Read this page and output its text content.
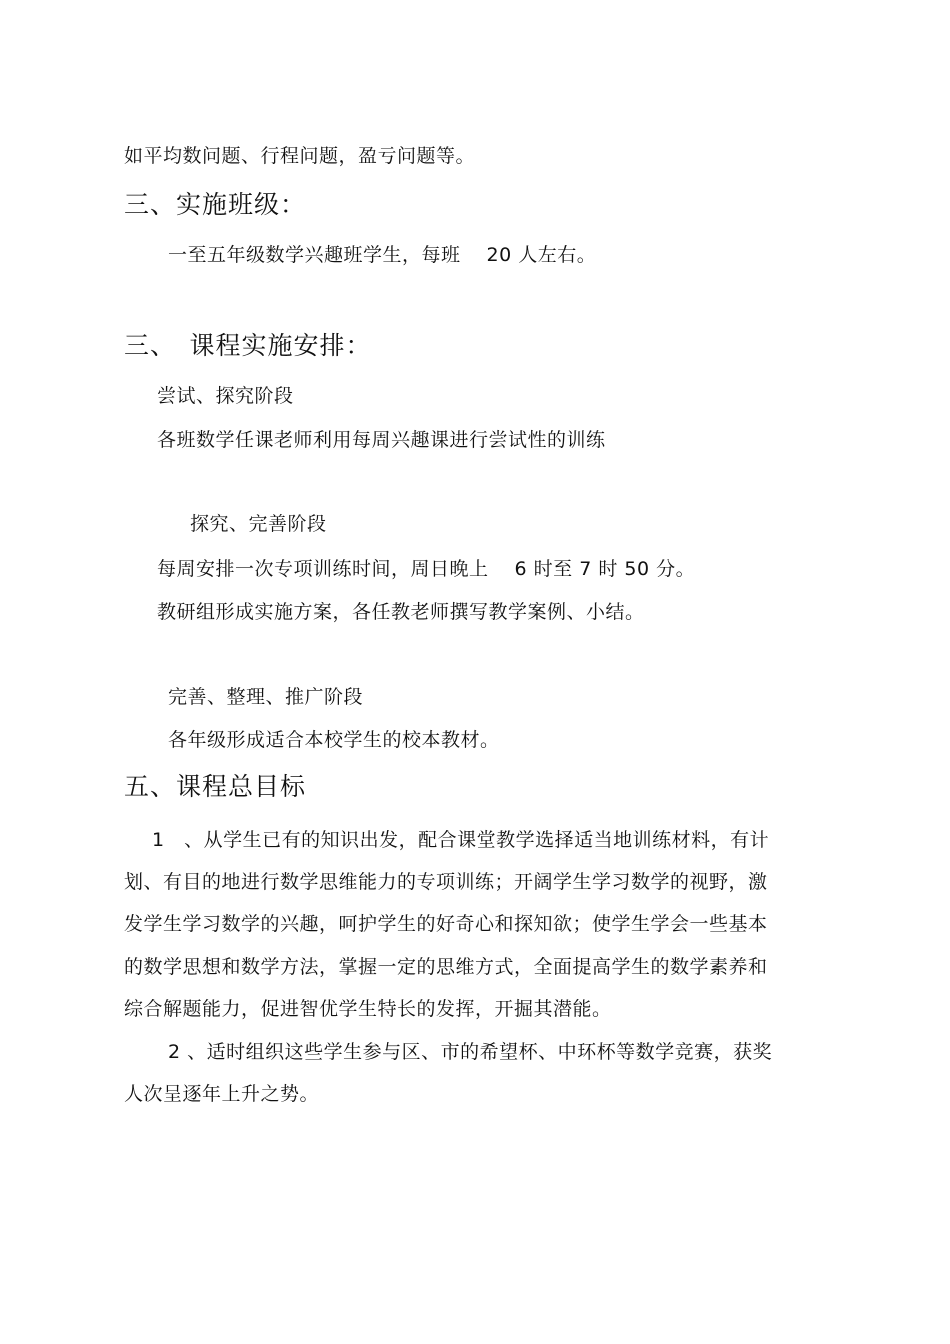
如平均数问题、行程问题，盈亏问题等。
三、实施班级：
一至五年级数学兴趣班学生，每班　 20 人左右。
三、　课程实施安排：
尝试、探究阶段
各班数学任课老师利用每周兴趣课进行尝试性的训练
探究、完善阶段
每周安排一次专项训练时间，周日晚上　 6 时至 7 时 50 分。
教研组形成实施方案，各任教老师撰写教学案例、小结。
完善、整理、推广阶段
各年级形成适合本校学生的校本教材。
五、课程总目标
1　、从学生已有的知识出发，配合课堂教学选择适当地训练材料，有计
划、有目的地进行数学思维能力的专项训练；开阔学生学习数学的视野，激
发学生学习数学的兴趣，呵护学生的好奇心和探知欲；使学生学会一些基本
的数学思想和数学方法，掌握一定的思维方式，全面提高学生的数学素养和
综合解题能力，促进智优学生特长的发挥，开掘其潜能。
2 、适时组织这些学生参与区、市的希望杯、中环杯等数学竞赛，获奖
人次呈逐年上升之势。
